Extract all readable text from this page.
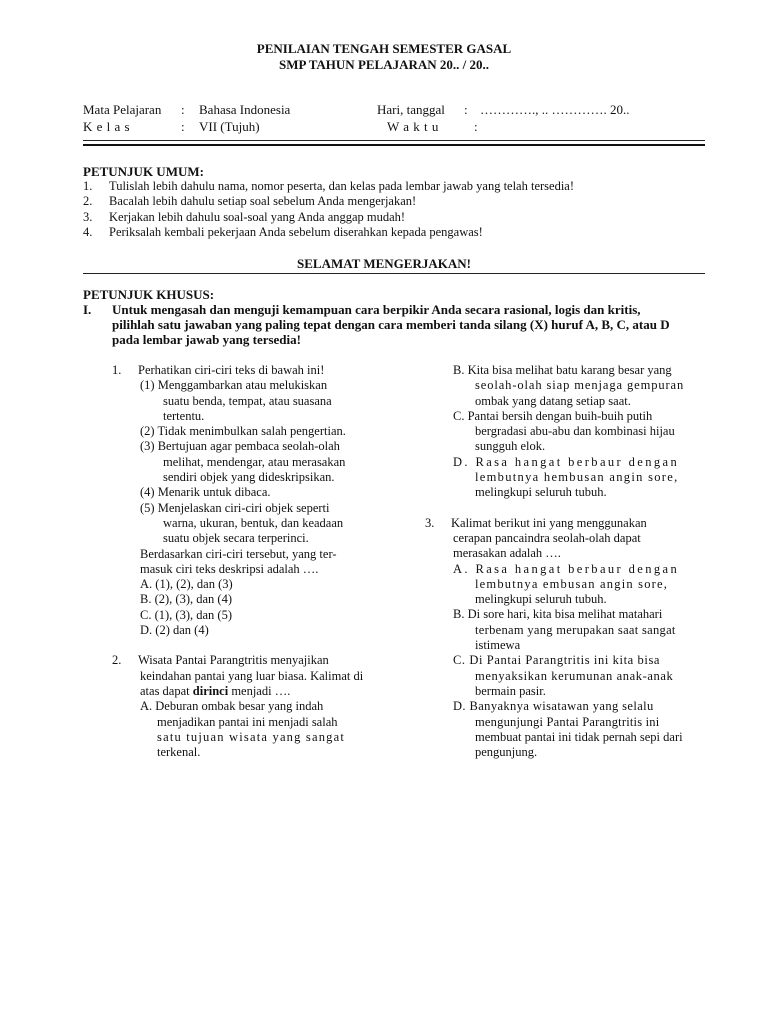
PENILAIAN TENGAH SEMESTER GASAL
SMP TAHUN PELAJARAN 20.. / 20..
Mata Pelajaran : Bahasa Indonesia
K e l a s	: VII (Tujuh)
Hari, tanggal : …………., .. …………. 20..
W a k t u	:
PETUNJUK UMUM:
1.	Tulislah lebih dahulu nama, nomor peserta, dan kelas pada lembar jawab yang telah tersedia!
2.	Bacalah lebih dahulu setiap soal sebelum Anda mengerjakan!
3.	Kerjakan lebih dahulu soal-soal yang Anda anggap mudah!
4.	Periksalah kembali pekerjaan Anda sebelum diserahkan kepada pengawas!
SELAMAT MENGERJAKAN!
PETUNJUK KHUSUS:
I. Untuk mengasah dan menguji kemampuan cara berpikir Anda secara rasional, logis dan kritis,
pilihlah satu jawaban yang paling tepat dengan cara memberi tanda silang (X) huruf A, B, C, atau D
pada lembar jawab yang tersedia!

1. Perhatikan ciri-ciri teks di bawah ini!

(1) Menggambarkan atau melukiskan

suatu benda, tempat, atau suasana

tertentu.

(2) Tidak menimbulkan salah pengertian.

(3) Bertujuan agar pembaca seolah-olah

melihat, mendengar, atau merasakan

sendiri objek yang dideskripsikan.

(4) Menarik untuk dibaca.

(5) Menjelaskan ciri-ciri objek seperti

warna, ukuran, bentuk, dan keadaan

suatu objek secara terperinci.

Berdasarkan ciri-ciri tersebut, yang ter-

masuk ciri teks deskripsi adalah ….

A. (1), (2), dan (3)

B. (2), (3), dan (4)

C. (1), (3), dan (5)

D. (2) dan (4)

2. Wisata Pantai Parangtritis menyajikan

keindahan pantai yang luar biasa. Kalimat di

atas dapat dirinci menjadi ….

A. Deburan ombak besar yang indah

menjadikan pantai ini menjadi salah

satu tujuan wisata yang sangat

terkenal.

B. Kita bisa melihat batu karang besar yang

seolah-olah siap menjaga gempuran

ombak yang datang setiap saat.

C. Pantai bersih dengan buih-buih putih

bergradasi abu-abu dan kombinasi hijau

sungguh elok.

D. Rasa hangat berbaur dengan

lembutnya hembusan angin sore,

melingkupi seluruh tubuh.

3. Kalimat berikut ini yang menggunakan

cerapan pancaindra seolah-olah dapat

merasakan adalah ….

A. Rasa hangat berbaur dengan

lembutnya embusan angin sore,

melingkupi seluruh tubuh.

B. Di sore hari, kita bisa melihat matahari

terbenam yang merupakan saat sangat

istimewa

C. Di Pantai Parangtritis ini kita bisa

menyaksikan kerumunan anak-anak

bermain pasir.

D. Banyaknya wisatawan yang selalu

mengunjungi Pantai Parangtritis ini

membuat pantai ini tidak pernah sepi dari

pengunjung.
